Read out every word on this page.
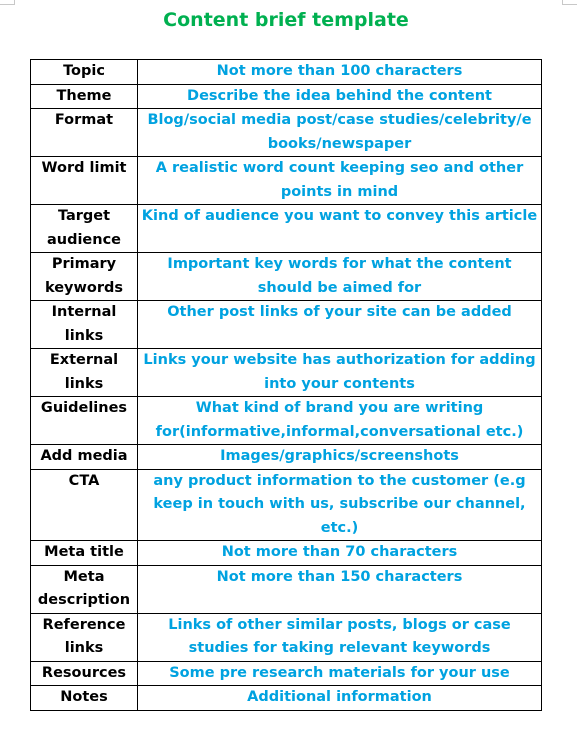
Content brief template
Topic	Not more than 100 characters
Theme	Describe the idea behind the content
Format	Blog/social media post/case studies/celebrity/e books/newspaper
Word limit	A realistic word count keeping seo and other points in mind
Target audience	Kind of audience you want to convey this article
Primary keywords	Important key words for what the content should be aimed for
Internal links	Other post links of your site can be added
External links	Links your website has authorization for adding into your contents
Guidelines	What kind of brand you are writing for(informative,informal,conversational etc.)
Add media	Images/graphics/screenshots
CTA	any product information to the customer (e.g keep in touch with us, subscribe our channel, etc.)
Meta title	Not more than 70 characters
Meta description	Not more than 150 characters
Reference links	Links of other similar posts, blogs or case studies for taking relevant keywords
Resources	Some pre research materials for your use
Notes	Additional information
